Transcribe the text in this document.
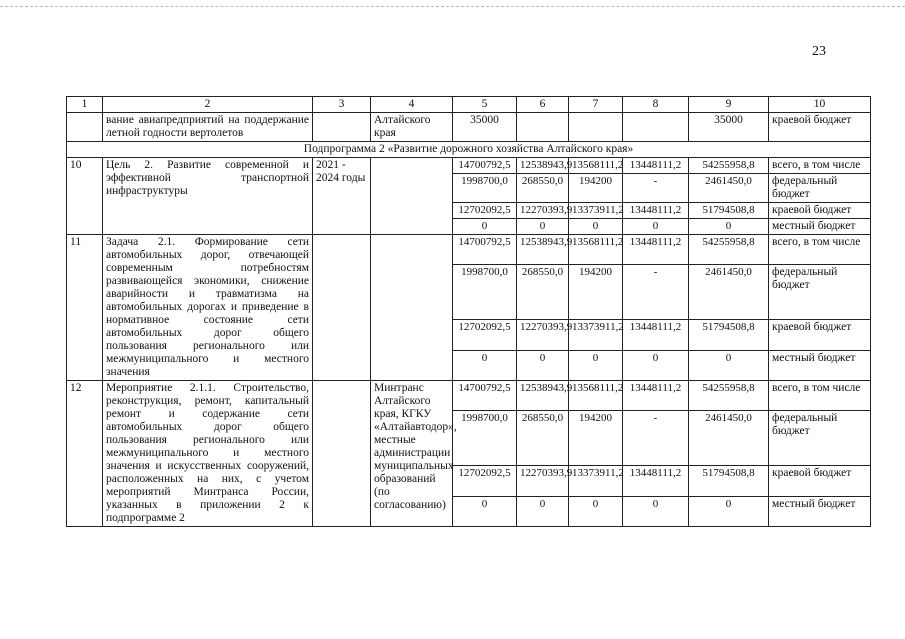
23
1	2	3	4	5	6	7	8	9	10
	вание авиапредприятий на поддержание летной годности вертолетов		Алтайского края	35000				35000	краевой бюджет
Подпрограмма 2 «Развитие дорожного хозяйства Алтайского края»									
10	Цель 2. Развитие современной и эффективной транспортной инфраструктуры	2021 - 2024 годы		14700792,5	12538943,9	13568111,2	13448111,2	54255958,8	всего, в том числе
				1998700,0	268550,0	194200	-	2461450,0	федеральный бюджет
				12702092,5	12270393,9	13373911,2	13448111,2	51794508,8	краевой бюджет
				0	0	0	0	0	местный бюджет
11	Задача 2.1. Формирование сети автомобильных дорог, отвечающей современным потребностям развивающейся экономики, снижение аварийности и травматизма на автомобильных дорогах и приведение в нормативное состояние сети автомобильных дорог общего пользования регионального или межмуниципального и местного значения			14700792,5	12538943,9	13568111,2	13448111,2	54255958,8	всего, в том числе
				1998700,0	268550,0	194200	-	2461450,0	федеральный бюджет
				12702092,5	12270393,9	13373911,2	13448111,2	51794508,8	краевой бюджет
				0	0	0	0	0	местный бюджет
12	Мероприятие 2.1.1. Строительство, реконструкция, ремонт, капитальный ремонт и содержание сети автомобильных дорог общего пользования регионального или межмуниципального и местного значения и искусственных сооружений, расположенных на них, с учетом мероприятий Минтранса России, указанных в приложении 2 к подпрограмме 2		Минтранс Алтайского края, КГКУ «Алтайавтодор», местные администрации муниципальных образований (по согласованию)	14700792,5	12538943,9	13568111,2	13448111,2	54255958,8	всего, в том числе
				1998700,0	268550,0	194200	-	2461450,0	федеральный бюджет
				12702092,5	12270393,9	13373911,2	13448111,2	51794508,8	краевой бюджет
				0	0	0	0	0	местный бюджет
